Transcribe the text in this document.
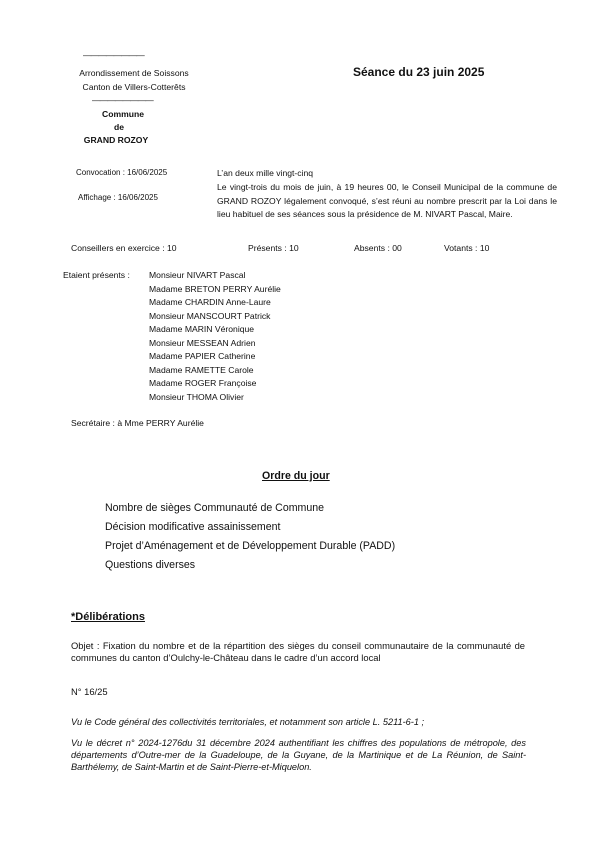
————————
Arrondissement de Soissons
Canton de Villers-Cotterêts
————————
Commune
de
GRAND ROZOY
Séance du 23 juin 2025
Convocation : 16/06/2025
Affichage : 16/06/2025
L’an deux mille vingt-cinq
Le vingt-trois du mois de juin, à 19 heures 00, le Conseil Municipal de la commune de GRAND ROZOY légalement convoqué, s’est réuni au nombre prescrit par la Loi dans le lieu habituel de ses séances sous la présidence de M. NIVART Pascal, Maire.
Conseillers en exercice : 10	Présents : 10	Absents : 00	Votants : 10
Etaient présents : Monsieur NIVART Pascal
Madame BRETON PERRY Aurélie
Madame CHARDIN Anne-Laure
Monsieur MANSCOURT Patrick
Madame MARIN Véronique
Monsieur MESSEAN Adrien
Madame PAPIER Catherine
Madame RAMETTE Carole
Madame ROGER Françoise
Monsieur THOMA Olivier
Secrétaire : à Mme PERRY Aurélie
Ordre du jour
Nombre de sièges Communauté de Commune
Décision modificative assainissement
Projet d’Aménagement et de Développement Durable (PADD)
Questions diverses
*Délibérations
Objet : Fixation du nombre et de la répartition des sièges du conseil communautaire de la communauté de communes du canton d’Oulchy-le-Château dans le cadre d’un accord local
N° 16/25
Vu le Code général des collectivités territoriales, et notamment son article L. 5211-6-1 ;
Vu le décret n° 2024-1276du 31 décembre 2024 authentifiant les chiffres des populations de métropole, des départements d’Outre-mer de la Guadeloupe, de la Guyane, de la Martinique et de La Réunion, de Saint-Barthélemy, de Saint-Martin et de Saint-Pierre-et-Miquelon.
